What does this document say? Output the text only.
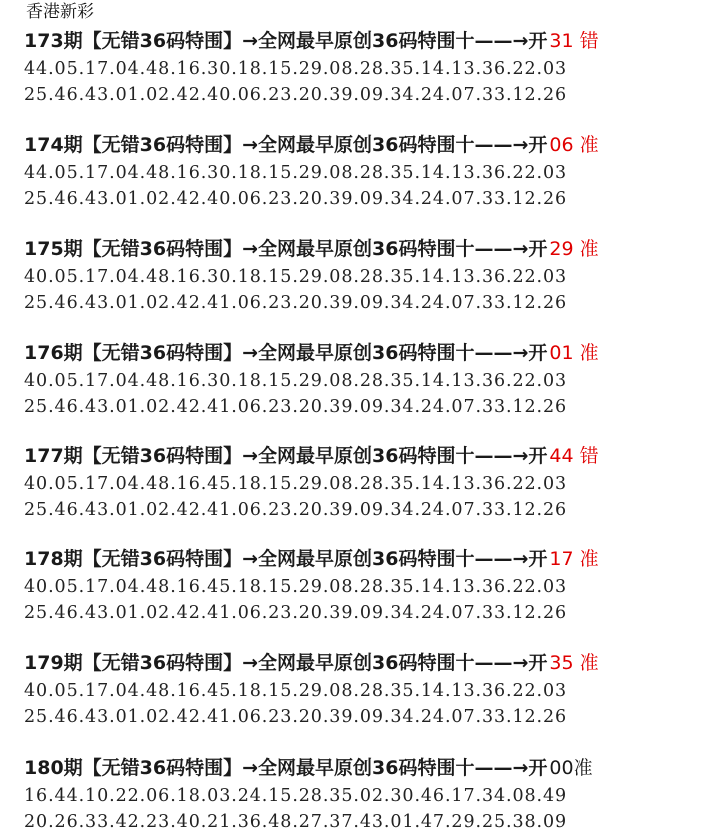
香港新彩
173期【无错36码特围】→全网最早原创36码特围十——→开 31 错
44.05.17.04.48.16.30.18.15.29.08.28.35.14.13.36.22.03
25.46.43.01.02.42.40.06.23.20.39.09.34.24.07.33.12.26
174期【无错36码特围】→全网最早原创36码特围十——→开 06 准
44.05.17.04.48.16.30.18.15.29.08.28.35.14.13.36.22.03
25.46.43.01.02.42.40.06.23.20.39.09.34.24.07.33.12.26
175期【无错36码特围】→全网最早原创36码特围十——→开 29 准
40.05.17.04.48.16.30.18.15.29.08.28.35.14.13.36.22.03
25.46.43.01.02.42.41.06.23.20.39.09.34.24.07.33.12.26
176期【无错36码特围】→全网最早原创36码特围十——→开 01 准
40.05.17.04.48.16.30.18.15.29.08.28.35.14.13.36.22.03
25.46.43.01.02.42.41.06.23.20.39.09.34.24.07.33.12.26
177期【无错36码特围】→全网最早原创36码特围十——→开 44 错
40.05.17.04.48.16.45.18.15.29.08.28.35.14.13.36.22.03
25.46.43.01.02.42.41.06.23.20.39.09.34.24.07.33.12.26
178期【无错36码特围】→全网最早原创36码特围十——→开 17 准
40.05.17.04.48.16.45.18.15.29.08.28.35.14.13.36.22.03
25.46.43.01.02.42.41.06.23.20.39.09.34.24.07.33.12.26
179期【无错36码特围】→全网最早原创36码特围十——→开 35 准
40.05.17.04.48.16.45.18.15.29.08.28.35.14.13.36.22.03
25.46.43.01.02.42.41.06.23.20.39.09.34.24.07.33.12.26
180期【无错36码特围】→全网最早原创36码特围十——→开 00准
16.44.10.22.06.18.03.24.15.28.35.02.30.46.17.34.08.49
20.26.33.42.23.40.21.36.48.27.37.43.01.47.29.25.38.09
